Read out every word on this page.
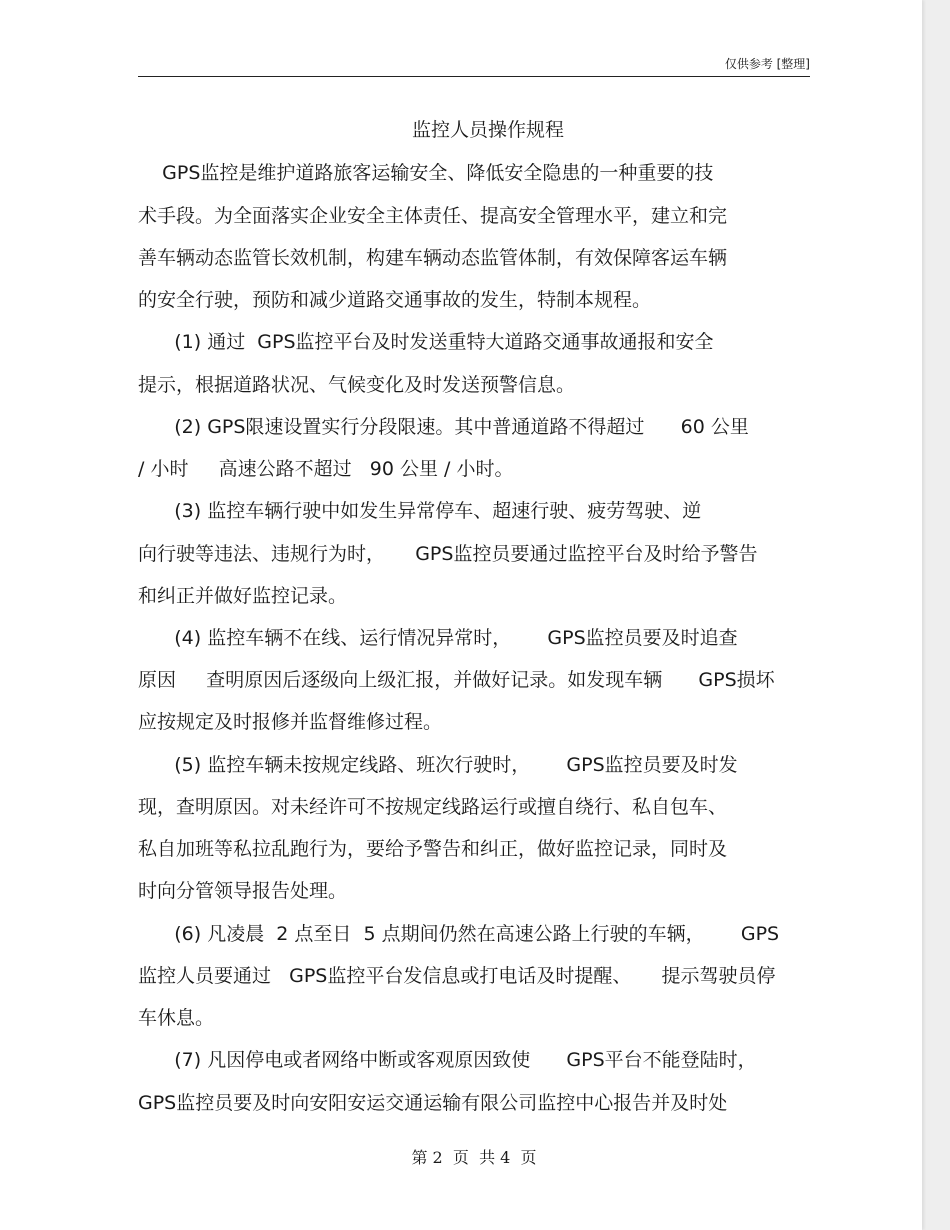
仅供参考 [整理]
监控人员操作规程
GPS监控是维护道路旅客运输安全、降低安全隐患的一种重要的技
术手段。为全面落实企业安全主体责任、提高安全管理水平，建立和完
善车辆动态监管长效机制，构建车辆动态监管体制，有效保障客运车辆
的安全行驶，预防和减少道路交通事故的发生，特制本规程。
(1) 通过  GPS监控平台及时发送重特大道路交通事故通报和安全
提示，根据道路状况、气候变化及时发送预警信息。
(2) GPS限速设置实行分段限速。其中普通道路不得超过      60 公里
/ 小时     高速公路不超过   90 公里 / 小时。
(3) 监控车辆行驶中如发生异常停车、超速行驶、疲劳驾驶、逆
向行驶等违法、违规行为时，     GPS监控员要通过监控平台及时给予警告
和纠正并做好监控记录。
(4) 监控车辆不在线、运行情况异常时，      GPS监控员要及时追查
原因     查明原因后逐级向上级汇报，并做好记录。如发现车辆      GPS损坏
应按规定及时报修并监督维修过程。
(5) 监控车辆未按规定线路、班次行驶时，      GPS监控员要及时发
现，查明原因。对未经许可不按规定线路运行或擅自绕行、私自包车、
私自加班等私拉乱跑行为，要给予警告和纠正，做好监控记录，同时及
时向分管领导报告处理。
(6) 凡凌晨  2 点至日  5 点期间仍然在高速公路上行驶的车辆，      GPS
监控人员要通过   GPS监控平台发信息或打电话及时提醒、     提示驾驶员停
车休息。
(7) 凡因停电或者网络中断或客观原因致使      GPS平台不能登陆时，
GPS监控员要及时向安阳安运交通运输有限公司监控中心报告并及时处
第 2  页  共 4  页
